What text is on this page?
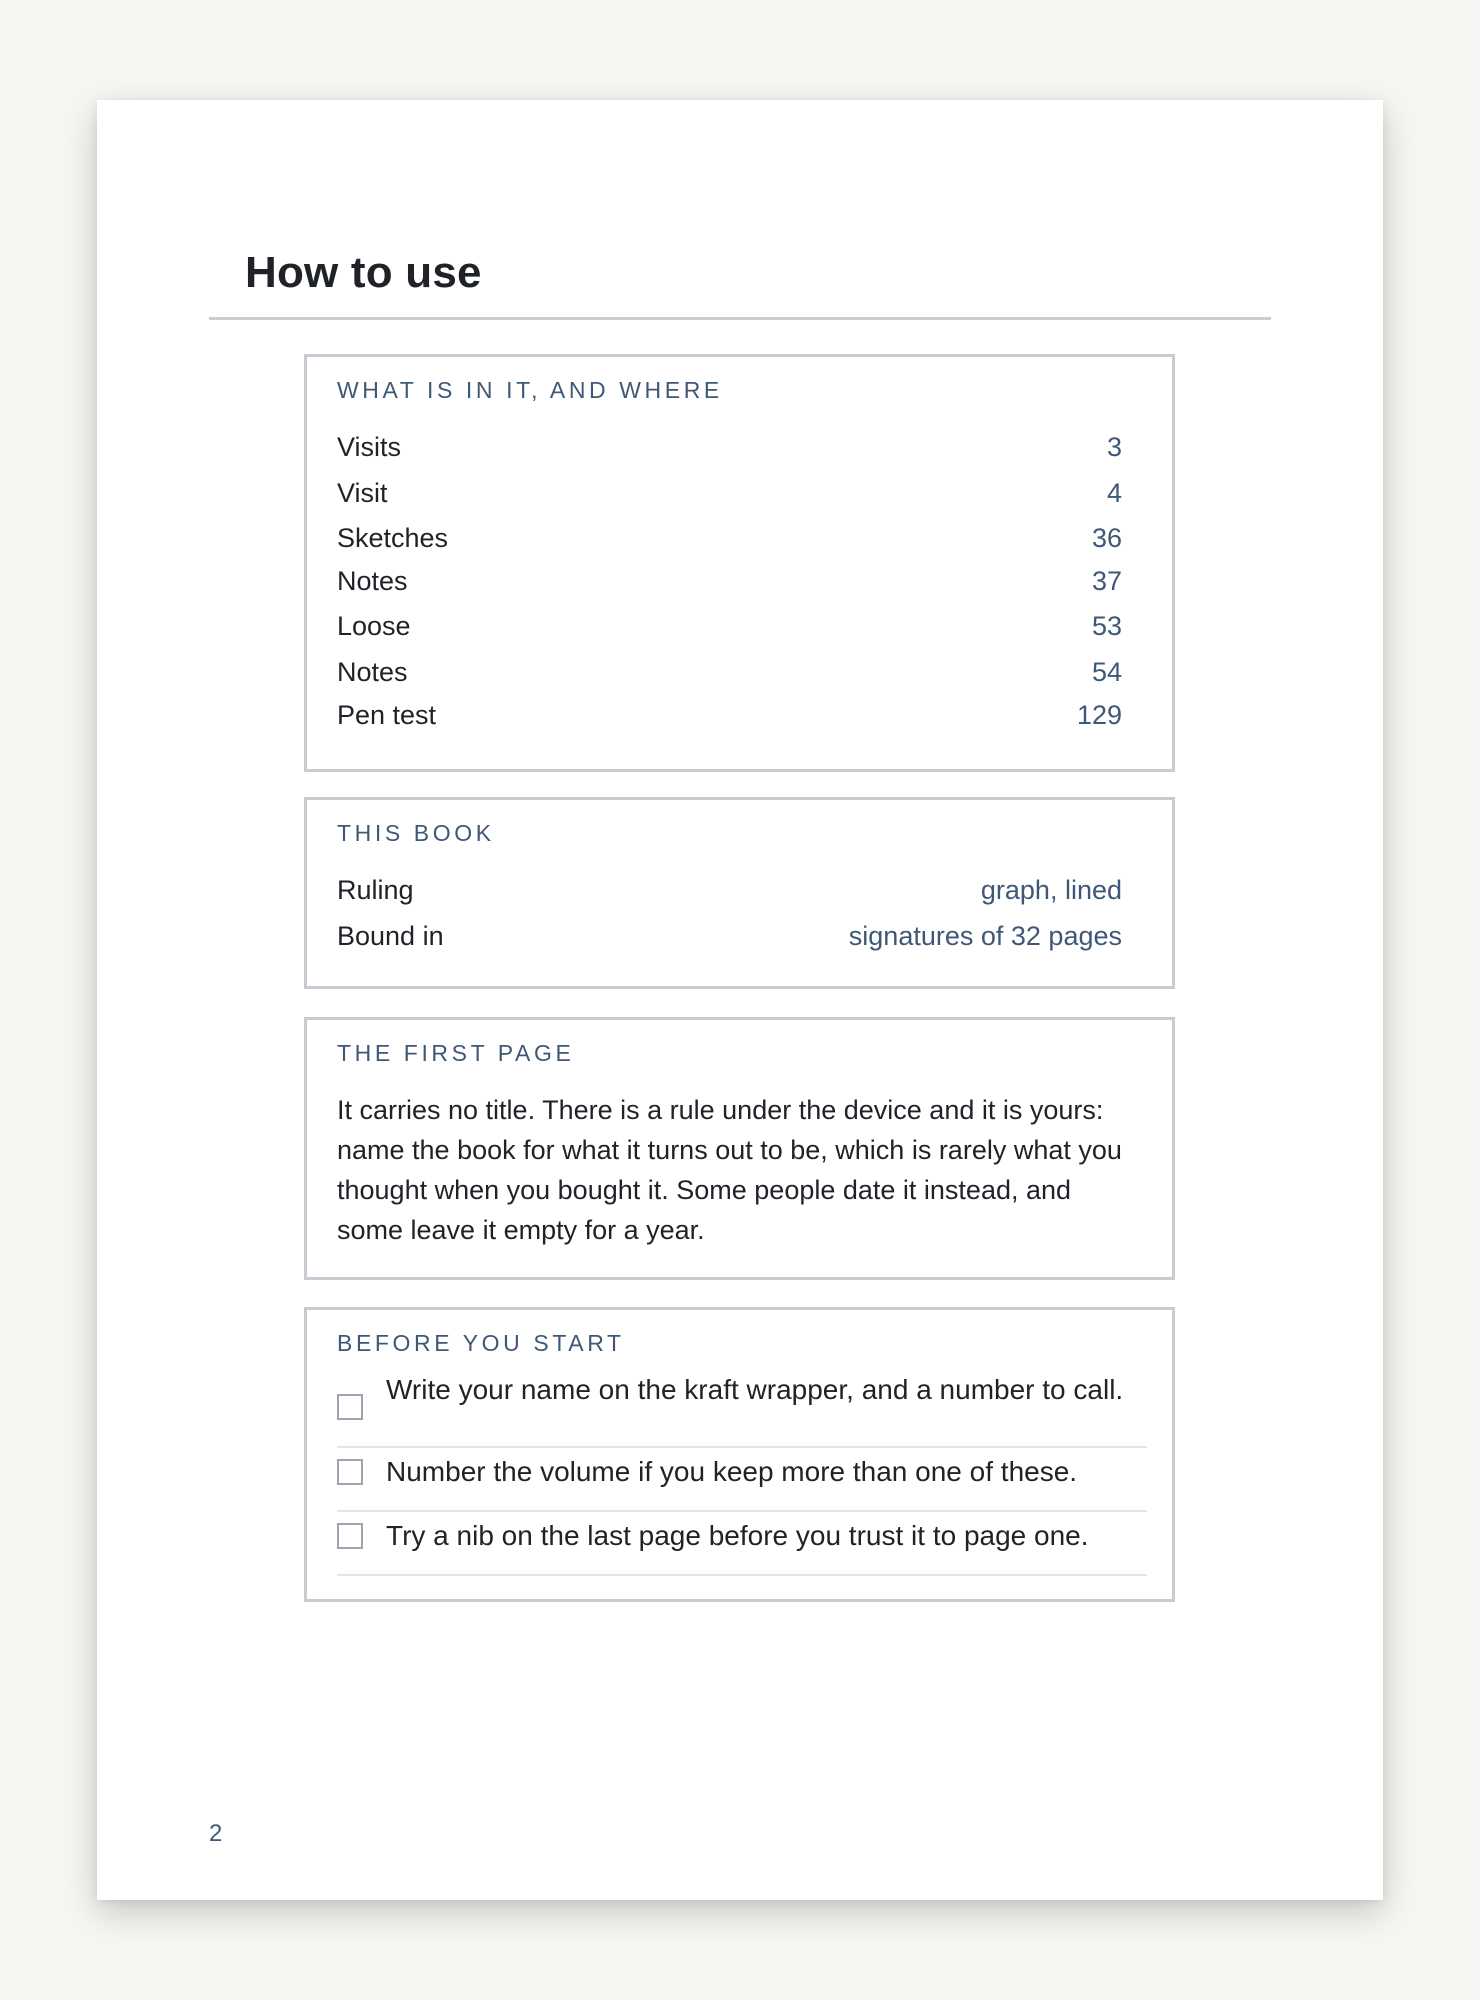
How to use
WHAT IS IN IT, AND WHERE
Visits	3
Visit	4
Sketches	36
Notes	37
Loose	53
Notes	54
Pen test	129
THIS BOOK
Ruling	graph, lined
Bound in	signatures of 32 pages
THE FIRST PAGE
It carries no title. There is a rule under the device and it is yours: name the book for what it turns out to be, which is rarely what you thought when you bought it. Some people date it instead, and some leave it empty for a year.
BEFORE YOU START
Write your name on the kraft wrapper, and a number to call.
Number the volume if you keep more than one of these.
Try a nib on the last page before you trust it to page one.
2
